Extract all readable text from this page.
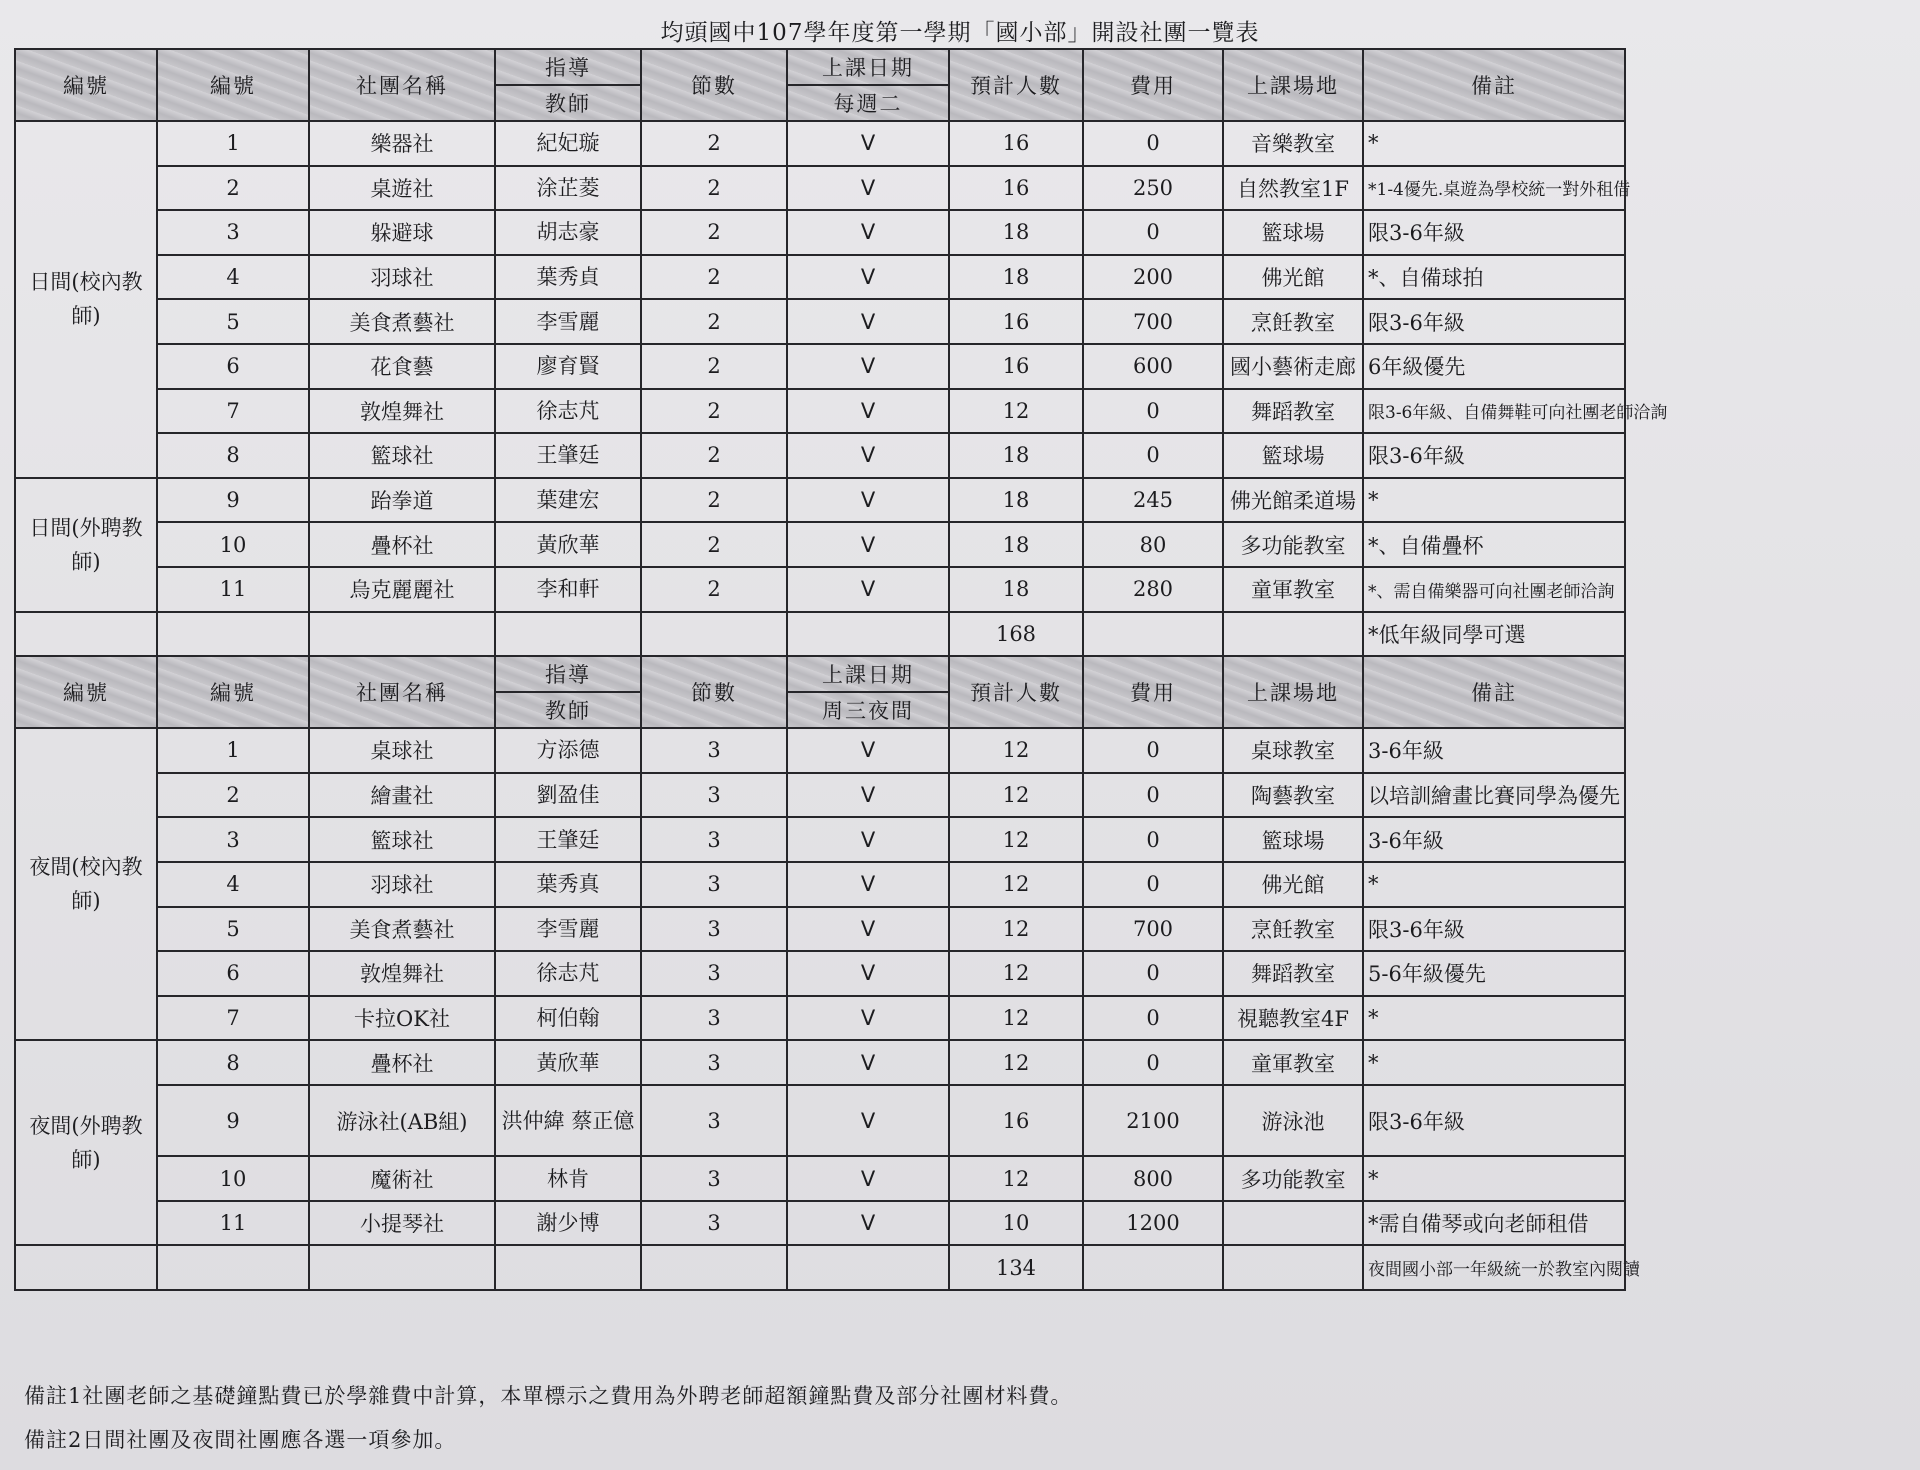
均頭國中107學年度第一學期「國小部」開設社團一覽表
編號	編號	社團名稱	指導	節數	上課日期	預計人數	費用	上課場地	備註
			教師		每週二				
日間(校內教師)	1	樂器社	紀妃璇	2	V	16	0	音樂教室	*
	2	桌遊社	涂芷菱	2	V	16	250	自然教室1F	*1-4優先.桌遊為學校統一對外租借
	3	躲避球	胡志豪	2	V	18	0	籃球場	限3-6年級
	4	羽球社	葉秀貞	2	V	18	200	佛光館	*、自備球拍
	5	美食煮藝社	李雪麗	2	V	16	700	烹飪教室	限3-6年級
	6	花食藝	廖育賢	2	V	16	600	國小藝術走廊	6年級優先
	7	敦煌舞社	徐志芃	2	V	12	0	舞蹈教室	限3-6年級、自備舞鞋可向社團老師洽詢
	8	籃球社	王肇廷	2	V	18	0	籃球場	限3-6年級
日間(外聘教師)	9	跆拳道	葉建宏	2	V	18	245	佛光館柔道場	*
	10	疊杯社	黃欣華	2	V	18	80	多功能教室	*、自備疊杯
	11	烏克麗麗社	李和軒	2	V	18	280	童軍教室	*、需自備樂器可向社團老師洽詢
						168			*低年級同學可選
編號	編號	社團名稱	指導	節數	上課日期	預計人數	費用	上課場地	備註
			教師		周三夜間				
夜間(校內教師)	1	桌球社	方添德	3	V	12	0	桌球教室	3-6年級
	2	繪畫社	劉盈佳	3	V	12	0	陶藝教室	以培訓繪畫比賽同學為優先
	3	籃球社	王肇廷	3	V	12	0	籃球場	3-6年級
	4	羽球社	葉秀真	3	V	12	0	佛光館	*
	5	美食煮藝社	李雪麗	3	V	12	700	烹飪教室	限3-6年級
	6	敦煌舞社	徐志芃	3	V	12	0	舞蹈教室	5-6年級優先
	7	卡拉OK社	柯伯翰	3	V	12	0	視聽教室4F	*
夜間(外聘教師)	8	疊杯社	黃欣華	3	V	12	0	童軍教室	*
	9	游泳社(AB組)	洪仲緯 蔡正億	3	V	16	2100	游泳池	限3-6年級
	10	魔術社	林肯	3	V	12	800	多功能教室	*
	11	小提琴社	謝少博	3	V	10	1200		*需自備琴或向老師租借
						134			夜間國小部一年級統一於教室內閱讀
備註1社團老師之基礎鐘點費已於學雜費中計算，本單標示之費用為外聘老師超額鐘點費及部分社團材料費。
備註2日間社團及夜間社團應各選一項參加。
